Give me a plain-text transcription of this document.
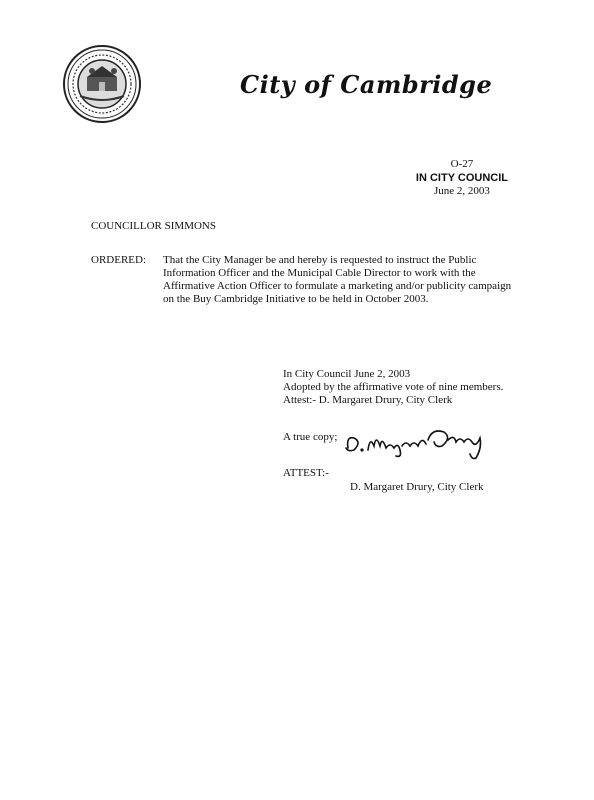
City of Cambridge
O-27
IN CITY COUNCIL

June 2, 2003
COUNCILLOR SIMMONS
ORDERED: That the City Manager be and hereby is requested to instruct the Public
Information Officer and the Municipal Cable Director to work with the
Affirmative Action Officer to formulate a marketing and/or publicity campaign
on the Buy Cambridge Initiative to be held in October 2003.
In City Council June 2, 2003
Adopted by the affirmative vote of nine members.
Attest:- D. Margaret Drury, City Clerk
A true copy;
ATTEST:-
D. Margaret Drury, City Clerk
